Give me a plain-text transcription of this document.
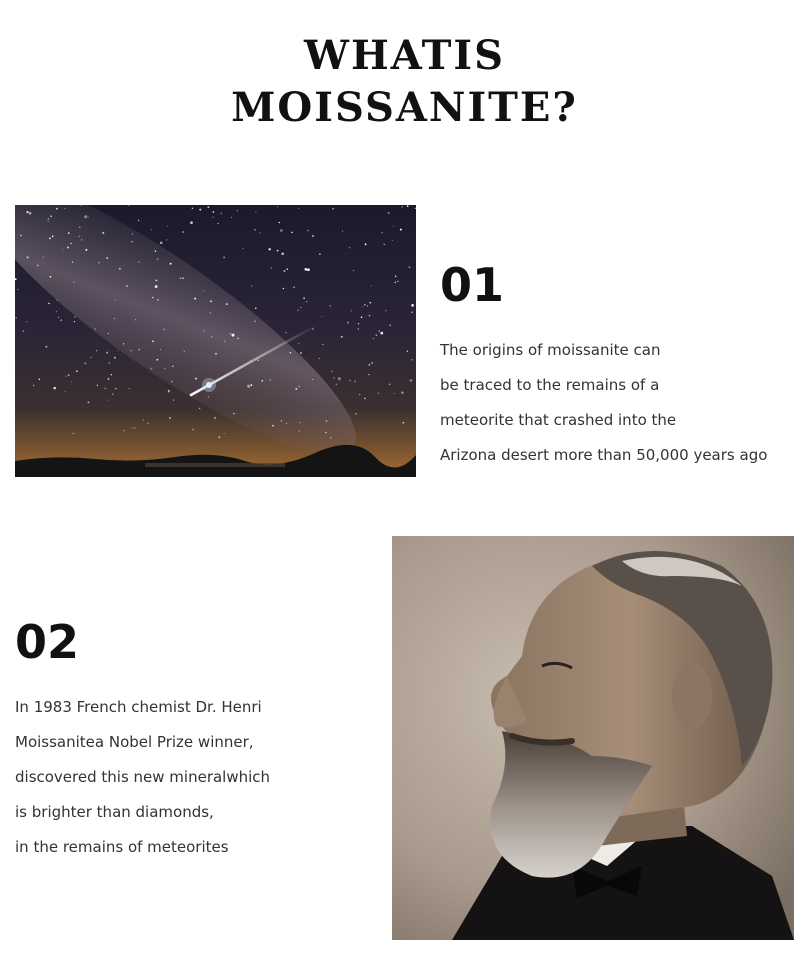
WHATIS
MOISSANITE?
01

The origins of moissanite can
be traced to the remains of a
meteorite that crashed into the
Arizona desert more than 50,000 years ago

02

In 1983 French chemist Dr. Henri
Moissanitea Nobel Prize winner,
discovered this new mineralwhich
is brighter than diamonds,
in the remains of meteorites
